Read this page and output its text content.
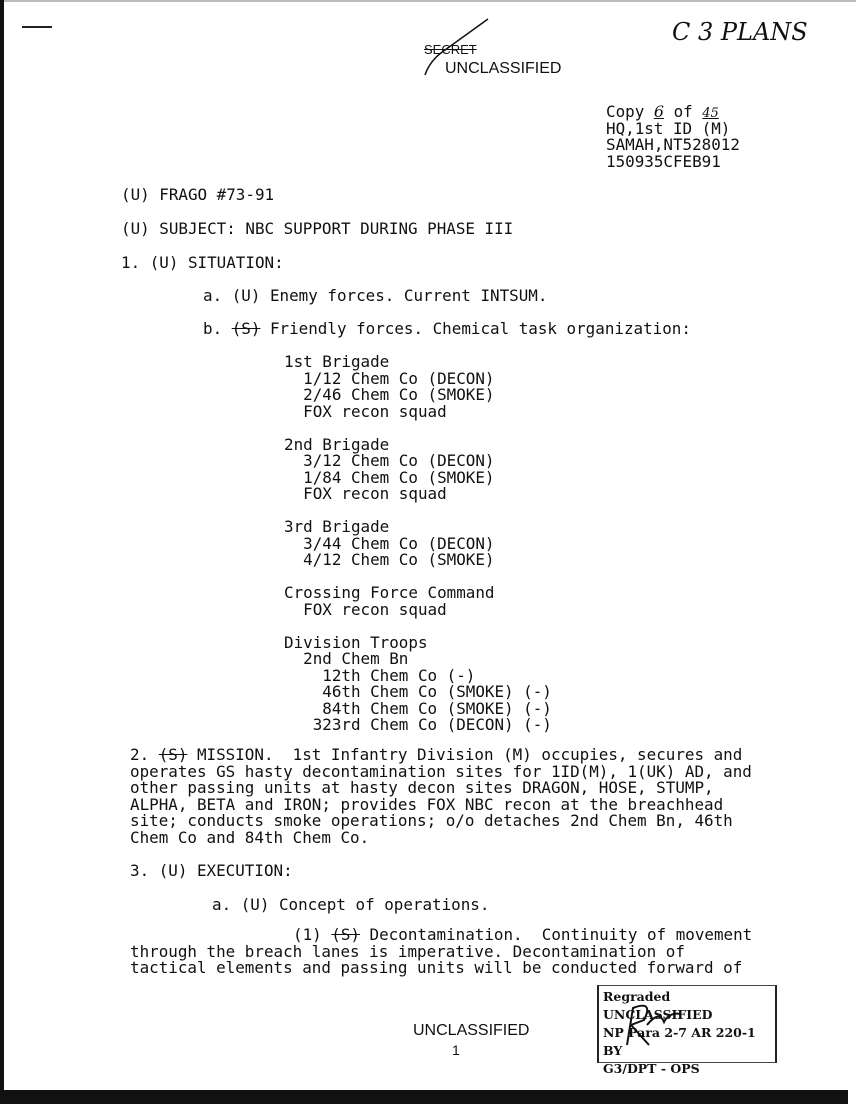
C 3 PLANS
SECRET
UNCLASSIFIED
Copy 6 of 45
HQ,1st ID (M)
SAMAH,NT528012
150935CFEB91
(U) FRAGO #73-91
(U) SUBJECT: NBC SUPPORT DURING PHASE III
1. (U) SITUATION:
a. (U) Enemy forces. Current INTSUM.
b. (S) Friendly forces. Chemical task organization:
1st Brigade
1/12 Chem Co (DECON)
2/46 Chem Co (SMOKE)
FOX recon squad

2nd Brigade
3/12 Chem Co (DECON)
1/84 Chem Co (SMOKE)
FOX recon squad

3rd Brigade
3/44 Chem Co (DECON)
4/12 Chem Co (SMOKE)

Crossing Force Command
FOX recon squad

Division Troops
2nd Chem Bn
12th Chem Co (-)
46th Chem Co (SMOKE) (-)
84th Chem Co (SMOKE) (-)
323rd Chem Co (DECON) (-)
2. (S) MISSION.  1st Infantry Division (M) occupies, secures and
operates GS hasty decontamination sites for 1ID(M), 1(UK) AD, and
other passing units at hasty decon sites DRAGON, HOSE, STUMP,
ALPHA, BETA and IRON; provides FOX NBC recon at the breachhead
site; conducts smoke operations; o/o detaches 2nd Chem Bn, 46th
Chem Co and 84th Chem Co.
3. (U) EXECUTION:
a. (U) Concept of operations.
(1) (S) Decontamination.  Continuity of movement
through the breach lanes is imperative. Decontamination of
tactical elements and passing units will be conducted forward of
UNCLASSIFIED
1
Regraded UNCLASSIFIED
NP Para 2-7 AR 220-1
BY
G3/DPT - OPS
